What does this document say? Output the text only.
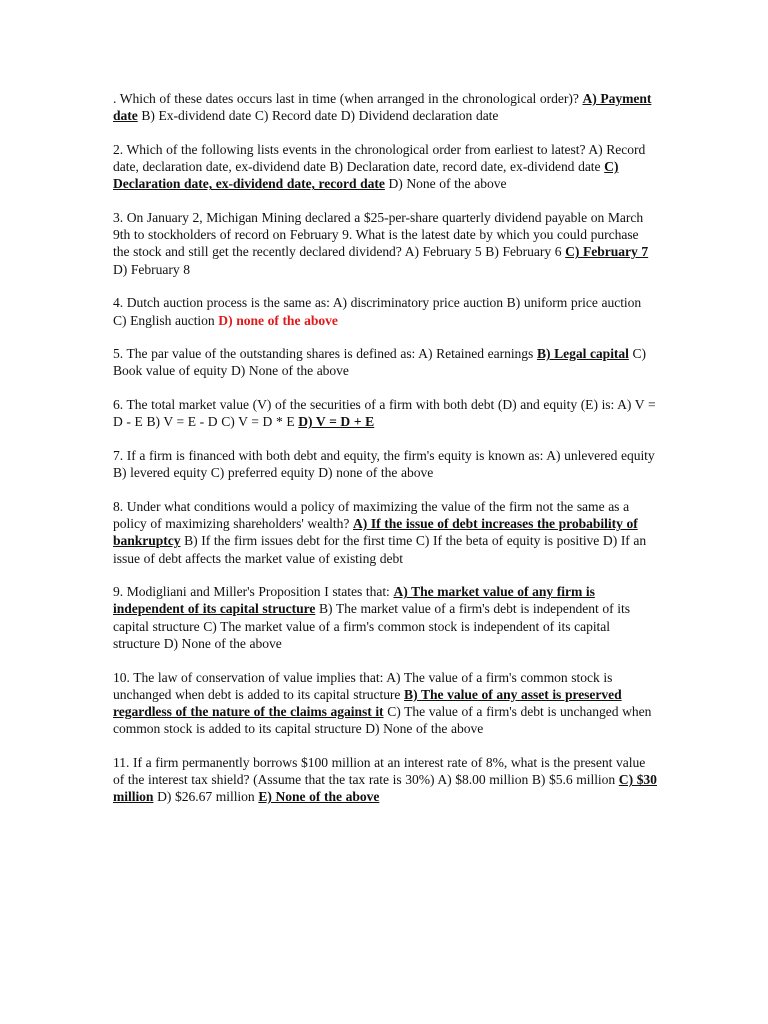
. Which of these dates occurs last in time (when arranged in the chronological order)? A) Payment date B) Ex-dividend date C) Record date D) Dividend declaration date

2. Which of the following lists events in the chronological order from earliest to latest? A) Record date, declaration date, ex-dividend date B) Declaration date, record date, ex-dividend date C) Declaration date, ex-dividend date, record date D) None of the above

3. On January 2, Michigan Mining declared a $25-per-share quarterly dividend payable on March 9th to stockholders of record on February 9. What is the latest date by which you could purchase the stock and still get the recently declared dividend? A) February 5 B) February 6 C) February 7 D) February 8

4. Dutch auction process is the same as: A) discriminatory price auction B) uniform price auction C) English auction D) none of the above

5. The par value of the outstanding shares is defined as: A) Retained earnings B) Legal capital C) Book value of equity D) None of the above

6. The total market value (V) of the securities of a firm with both debt (D) and equity (E) is: A) V = D - E B) V = E - D C) V = D * E D) V = D + E

7. If a firm is financed with both debt and equity, the firm's equity is known as: A) unlevered equity B) levered equity C) preferred equity D) none of the above

8. Under what conditions would a policy of maximizing the value of the firm not the same as a policy of maximizing shareholders' wealth? A) If the issue of debt increases the probability of bankruptcy B) If the firm issues debt for the first time C) If the beta of equity is positive D) If an issue of debt affects the market value of existing debt

9. Modigliani and Miller's Proposition I states that: A) The market value of any firm is independent of its capital structure B) The market value of a firm's debt is independent of its capital structure C) The market value of a firm's common stock is independent of its capital structure D) None of the above

10. The law of conservation of value implies that: A) The value of a firm's common stock is unchanged when debt is added to its capital structure B) The value of any asset is preserved regardless of the nature of the claims against it C) The value of a firm's debt is unchanged when common stock is added to its capital structure D) None of the above

11. If a firm permanently borrows $100 million at an interest rate of 8%, what is the present value of the interest tax shield? (Assume that the tax rate is 30%) A) $8.00 million B) $5.6 million C) $30 million D) $26.67 million E) None of the above
